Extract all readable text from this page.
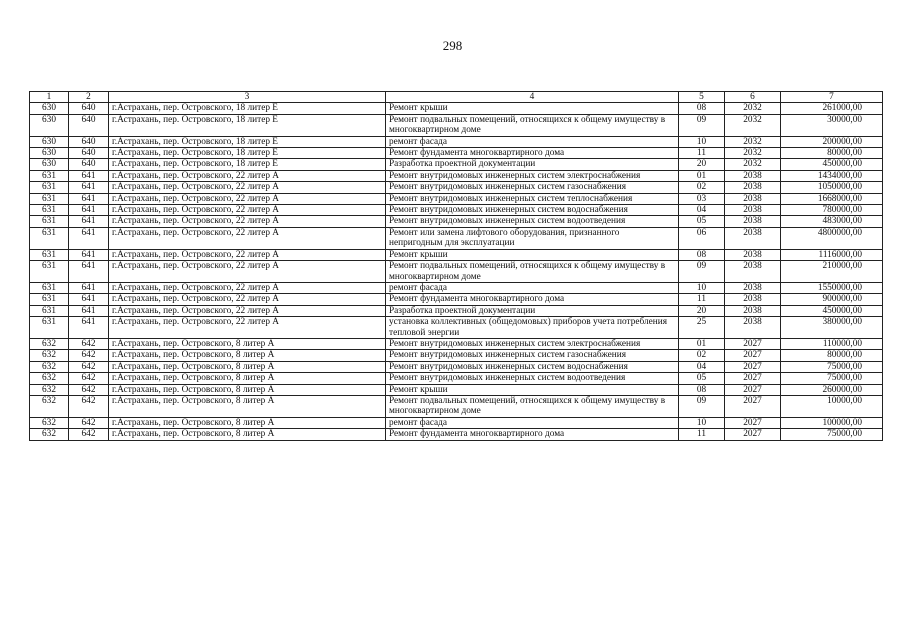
298
1	2	3	4	5	6	7
630	640	г.Астрахань, пер. Островского, 18 литер Е	Ремонт крыши	08	2032	261000,00
630	640	г.Астрахань, пер. Островского, 18 литер Е	Ремонт подвальных помещений, относящихся к общему имуществу в многоквартирном доме	09	2032	30000,00
630	640	г.Астрахань, пер. Островского, 18 литер Е	ремонт фасада	10	2032	200000,00
630	640	г.Астрахань, пер. Островского, 18 литер Е	Ремонт фундамента многоквартирного дома	11	2032	80000,00
630	640	г.Астрахань, пер. Островского, 18 литер Е	Разработка проектной документации	20	2032	450000,00
631	641	г.Астрахань, пер. Островского, 22 литер А	Ремонт внутридомовых инженерных систем электроснабжения	01	2038	1434000,00
631	641	г.Астрахань, пер. Островского, 22 литер А	Ремонт внутридомовых инженерных систем газоснабжения	02	2038	1050000,00
631	641	г.Астрахань, пер. Островского, 22 литер А	Ремонт внутридомовых инженерных систем теплоснабжения	03	2038	1668000,00
631	641	г.Астрахань, пер. Островского, 22 литер А	Ремонт внутридомовых инженерных систем водоснабжения	04	2038	780000,00
631	641	г.Астрахань, пер. Островского, 22 литер А	Ремонт внутридомовых инженерных систем водоотведения	05	2038	483000,00
631	641	г.Астрахань, пер. Островского, 22 литер А	Ремонт или замена лифтового оборудования, признанного непригодным для эксплуатации	06	2038	4800000,00
631	641	г.Астрахань, пер. Островского, 22 литер А	Ремонт крыши	08	2038	1116000,00
631	641	г.Астрахань, пер. Островского, 22 литер А	Ремонт подвальных помещений, относящихся к общему имуществу в многоквартирном доме	09	2038	210000,00
631	641	г.Астрахань, пер. Островского, 22 литер А	ремонт фасада	10	2038	1550000,00
631	641	г.Астрахань, пер. Островского, 22 литер А	Ремонт фундамента многоквартирного дома	11	2038	900000,00
631	641	г.Астрахань, пер. Островского, 22 литер А	Разработка проектной документации	20	2038	450000,00
631	641	г.Астрахань, пер. Островского, 22 литер А	установка коллективных (общедомовых) приборов учета потребления тепловой энергии	25	2038	380000,00
632	642	г.Астрахань, пер. Островского, 8 литер А	Ремонт внутридомовых инженерных систем электроснабжения	01	2027	110000,00
632	642	г.Астрахань, пер. Островского, 8 литер А	Ремонт внутридомовых инженерных систем газоснабжения	02	2027	80000,00
632	642	г.Астрахань, пер. Островского, 8 литер А	Ремонт внутридомовых инженерных систем водоснабжения	04	2027	75000,00
632	642	г.Астрахань, пер. Островского, 8 литер А	Ремонт внутридомовых инженерных систем водоотведения	05	2027	75000,00
632	642	г.Астрахань, пер. Островского, 8 литер А	Ремонт крыши	08	2027	260000,00
632	642	г.Астрахань, пер. Островского, 8 литер А	Ремонт подвальных помещений, относящихся к общему имуществу в многоквартирном доме	09	2027	10000,00
632	642	г.Астрахань, пер. Островского, 8 литер А	ремонт фасада	10	2027	100000,00
632	642	г.Астрахань, пер. Островского, 8 литер А	Ремонт фундамента многоквартирного дома	11	2027	75000,00
